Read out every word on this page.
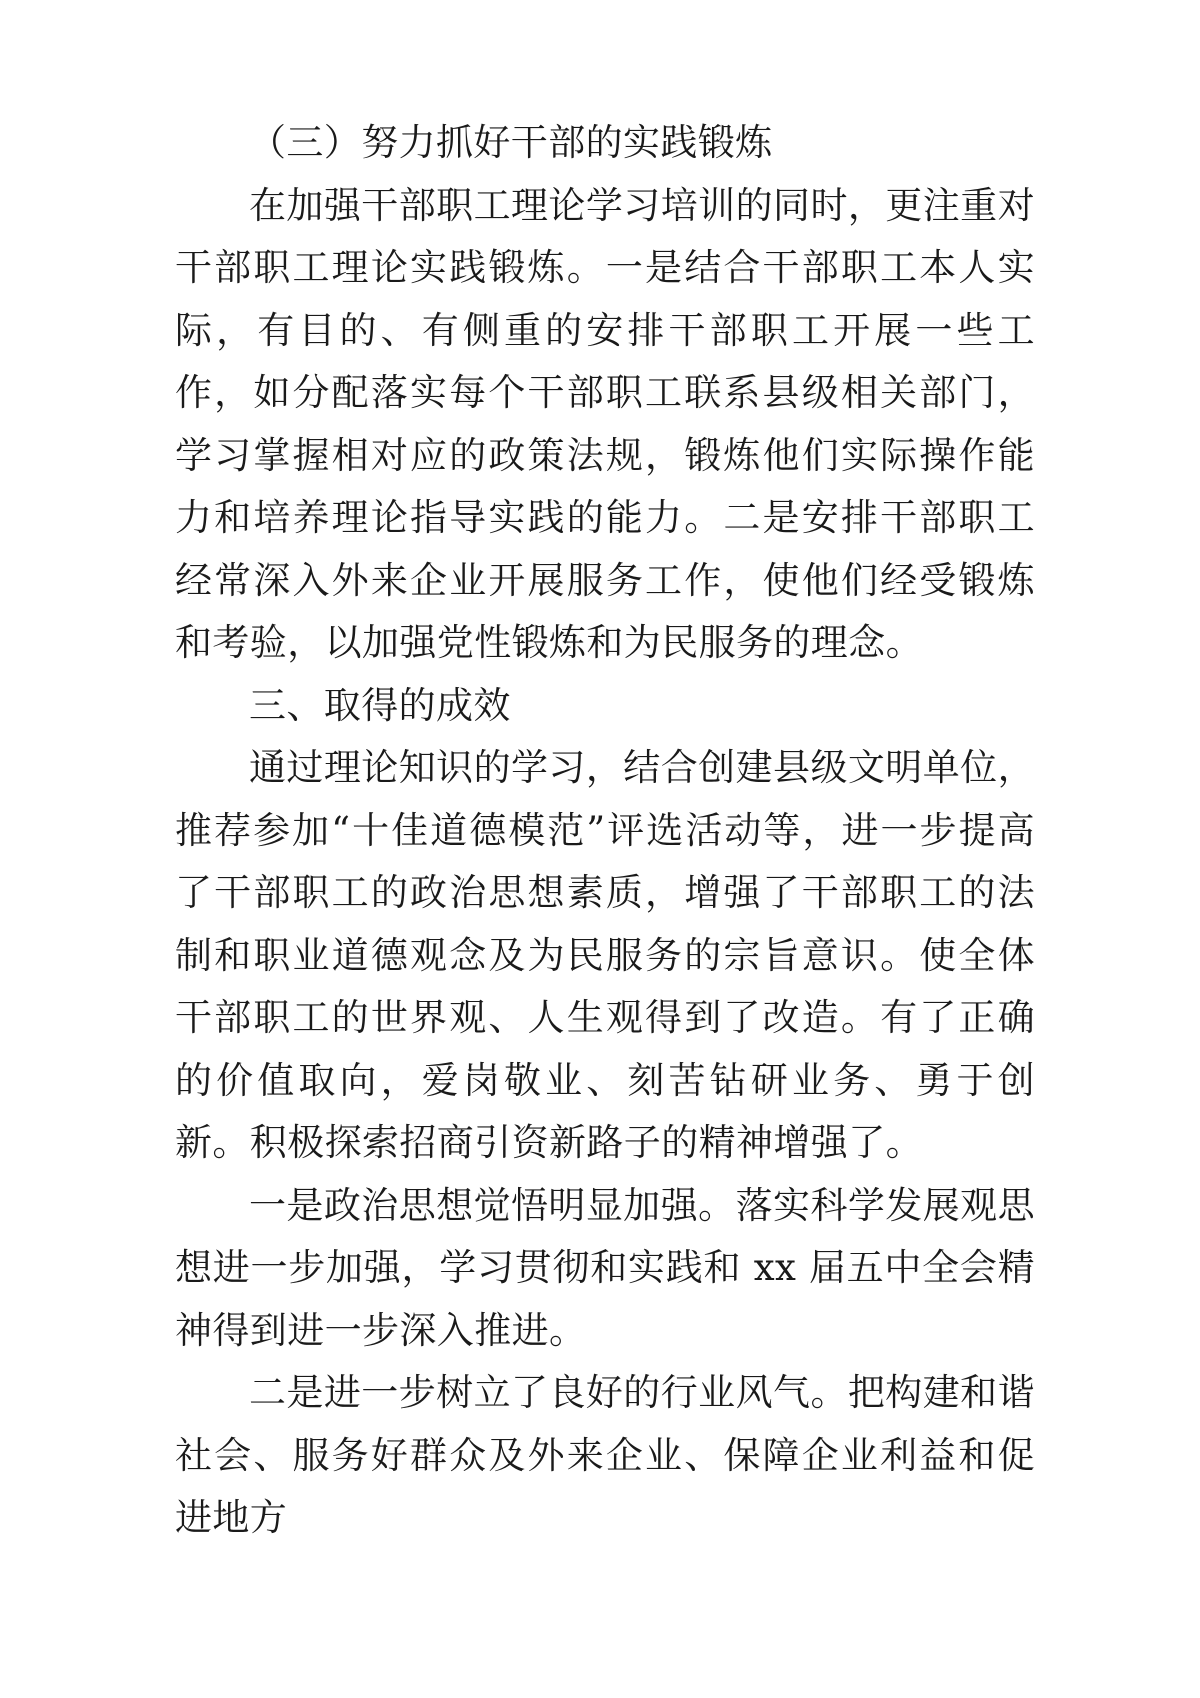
（三）努力抓好干部的实践锻炼

在加强干部职工理论学习培训的同时，更注重对干部职工理论实践锻炼。一是结合干部职工本人实际，有目的、有侧重的安排干部职工开展一些工作，如分配落实每个干部职工联系县级相关部门，学习掌握相对应的政策法规，锻炼他们实际操作能力和培养理论指导实践的能力。二是安排干部职工经常深入外来企业开展服务工作，使他们经受锻炼和考验，以加强党性锻炼和为民服务的理念。

三、取得的成效

通过理论知识的学习，结合创建县级文明单位，推荐参加“十佳道德模范”评选活动等，进一步提高了干部职工的政治思想素质，增强了干部职工的法制和职业道德观念及为民服务的宗旨意识。使全体干部职工的世界观、人生观得到了改造。有了正确的价值取向，爱岗敬业、刻苦钻研业务、勇于创新。积极探索招商引资新路子的精神增强了。

一是政治思想觉悟明显加强。落实科学发展观思想进一步加强，学习贯彻和实践和 xx 届五中全会精神得到进一步深入推进。

二是进一步树立了良好的行业风气。把构建和谐社会、服务好群众及外来企业、保障企业利益和促进地方
